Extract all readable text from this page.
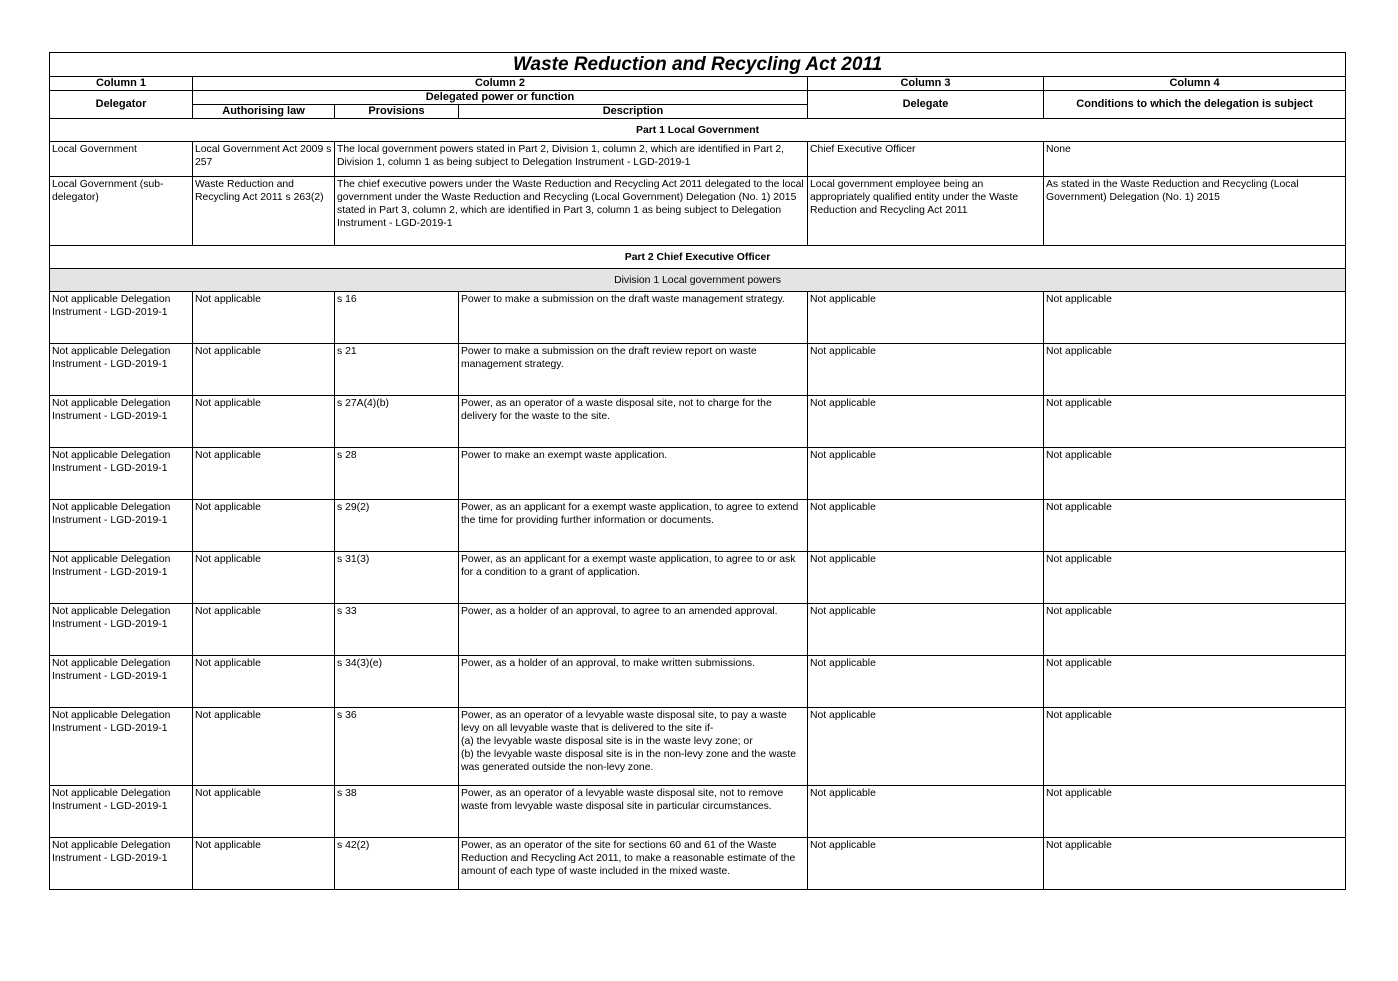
Waste Reduction and Recycling Act 2011					
Column 1	Column 2			Column 3	Column 4
Delegator	Delegated power or function			Delegate	Conditions to which the delegation is subject
	Authorising law	Provisions	Description		
Part 1 Local Government					
Local Government	Local Government Act 2009 s 257	The local government powers stated in Part 2, Division 1, column 2, which are identified in Part 2, Division 1, column 1 as being subject to Delegation Instrument - LGD-2019-1		Chief Executive Officer	None
Local Government (sub-delegator)	Waste Reduction and Recycling Act 2011 s 263(2)	The chief executive powers under the Waste Reduction and Recycling Act 2011 delegated to the local government under the Waste Reduction and Recycling (Local Government) Delegation (No. 1) 2015 stated in Part 3, column 2, which are identified in Part 3, column 1 as being subject to Delegation Instrument - LGD-2019-1		Local government employee being an appropriately qualified entity under the Waste Reduction and Recycling Act 2011	As stated in the Waste Reduction and Recycling (Local Government) Delegation (No. 1) 2015
Part 2 Chief Executive Officer					
Division 1 Local government powers					
Not applicable Delegation Instrument - LGD-2019-1	Not applicable	s 16	Power to make a submission on the draft waste management strategy.	Not applicable	Not applicable
Not applicable Delegation Instrument - LGD-2019-1	Not applicable	s 21	Power to make a submission on the draft review report on waste management strategy.	Not applicable	Not applicable
Not applicable Delegation Instrument - LGD-2019-1	Not applicable	s 27A(4)(b)	Power, as an operator of a waste disposal site, not to charge for the delivery for the waste to the site.	Not applicable	Not applicable
Not applicable Delegation Instrument - LGD-2019-1	Not applicable	s 28	Power to make an exempt waste application.	Not applicable	Not applicable
Not applicable Delegation Instrument - LGD-2019-1	Not applicable	s 29(2)	Power, as an applicant for a exempt waste application, to agree to extend the time for providing further information or documents.	Not applicable	Not applicable
Not applicable Delegation Instrument - LGD-2019-1	Not applicable	s 31(3)	Power, as an applicant for a exempt waste application, to agree to or ask for a condition to a grant of application.	Not applicable	Not applicable
Not applicable Delegation Instrument - LGD-2019-1	Not applicable	s 33	Power, as a holder of an approval, to agree to an amended approval.	Not applicable	Not applicable
Not applicable Delegation Instrument - LGD-2019-1	Not applicable	s 34(3)(e)	Power, as a holder of an approval, to make written submissions.	Not applicable	Not applicable
Not applicable Delegation Instrument - LGD-2019-1	Not applicable	s 36	Power, as an operator of a levyable waste disposal site, to pay a waste levy on all levyable waste that is delivered to the site if-
(a) the levyable waste disposal site is in the waste levy zone; or
(b) the levyable waste disposal site is in the non-levy zone and the waste was generated outside the non-levy zone.	Not applicable	Not applicable
Not applicable Delegation Instrument - LGD-2019-1	Not applicable	s 38	Power, as an operator of a levyable waste disposal site, not to remove waste from levyable waste disposal site in particular circumstances.	Not applicable	Not applicable
Not applicable Delegation Instrument - LGD-2019-1	Not applicable	s 42(2)	Power, as an operator of the site for sections 60 and 61 of the Waste Reduction and Recycling Act 2011, to make a reasonable estimate of the amount of each type of waste included in the mixed waste.	Not applicable	Not applicable
